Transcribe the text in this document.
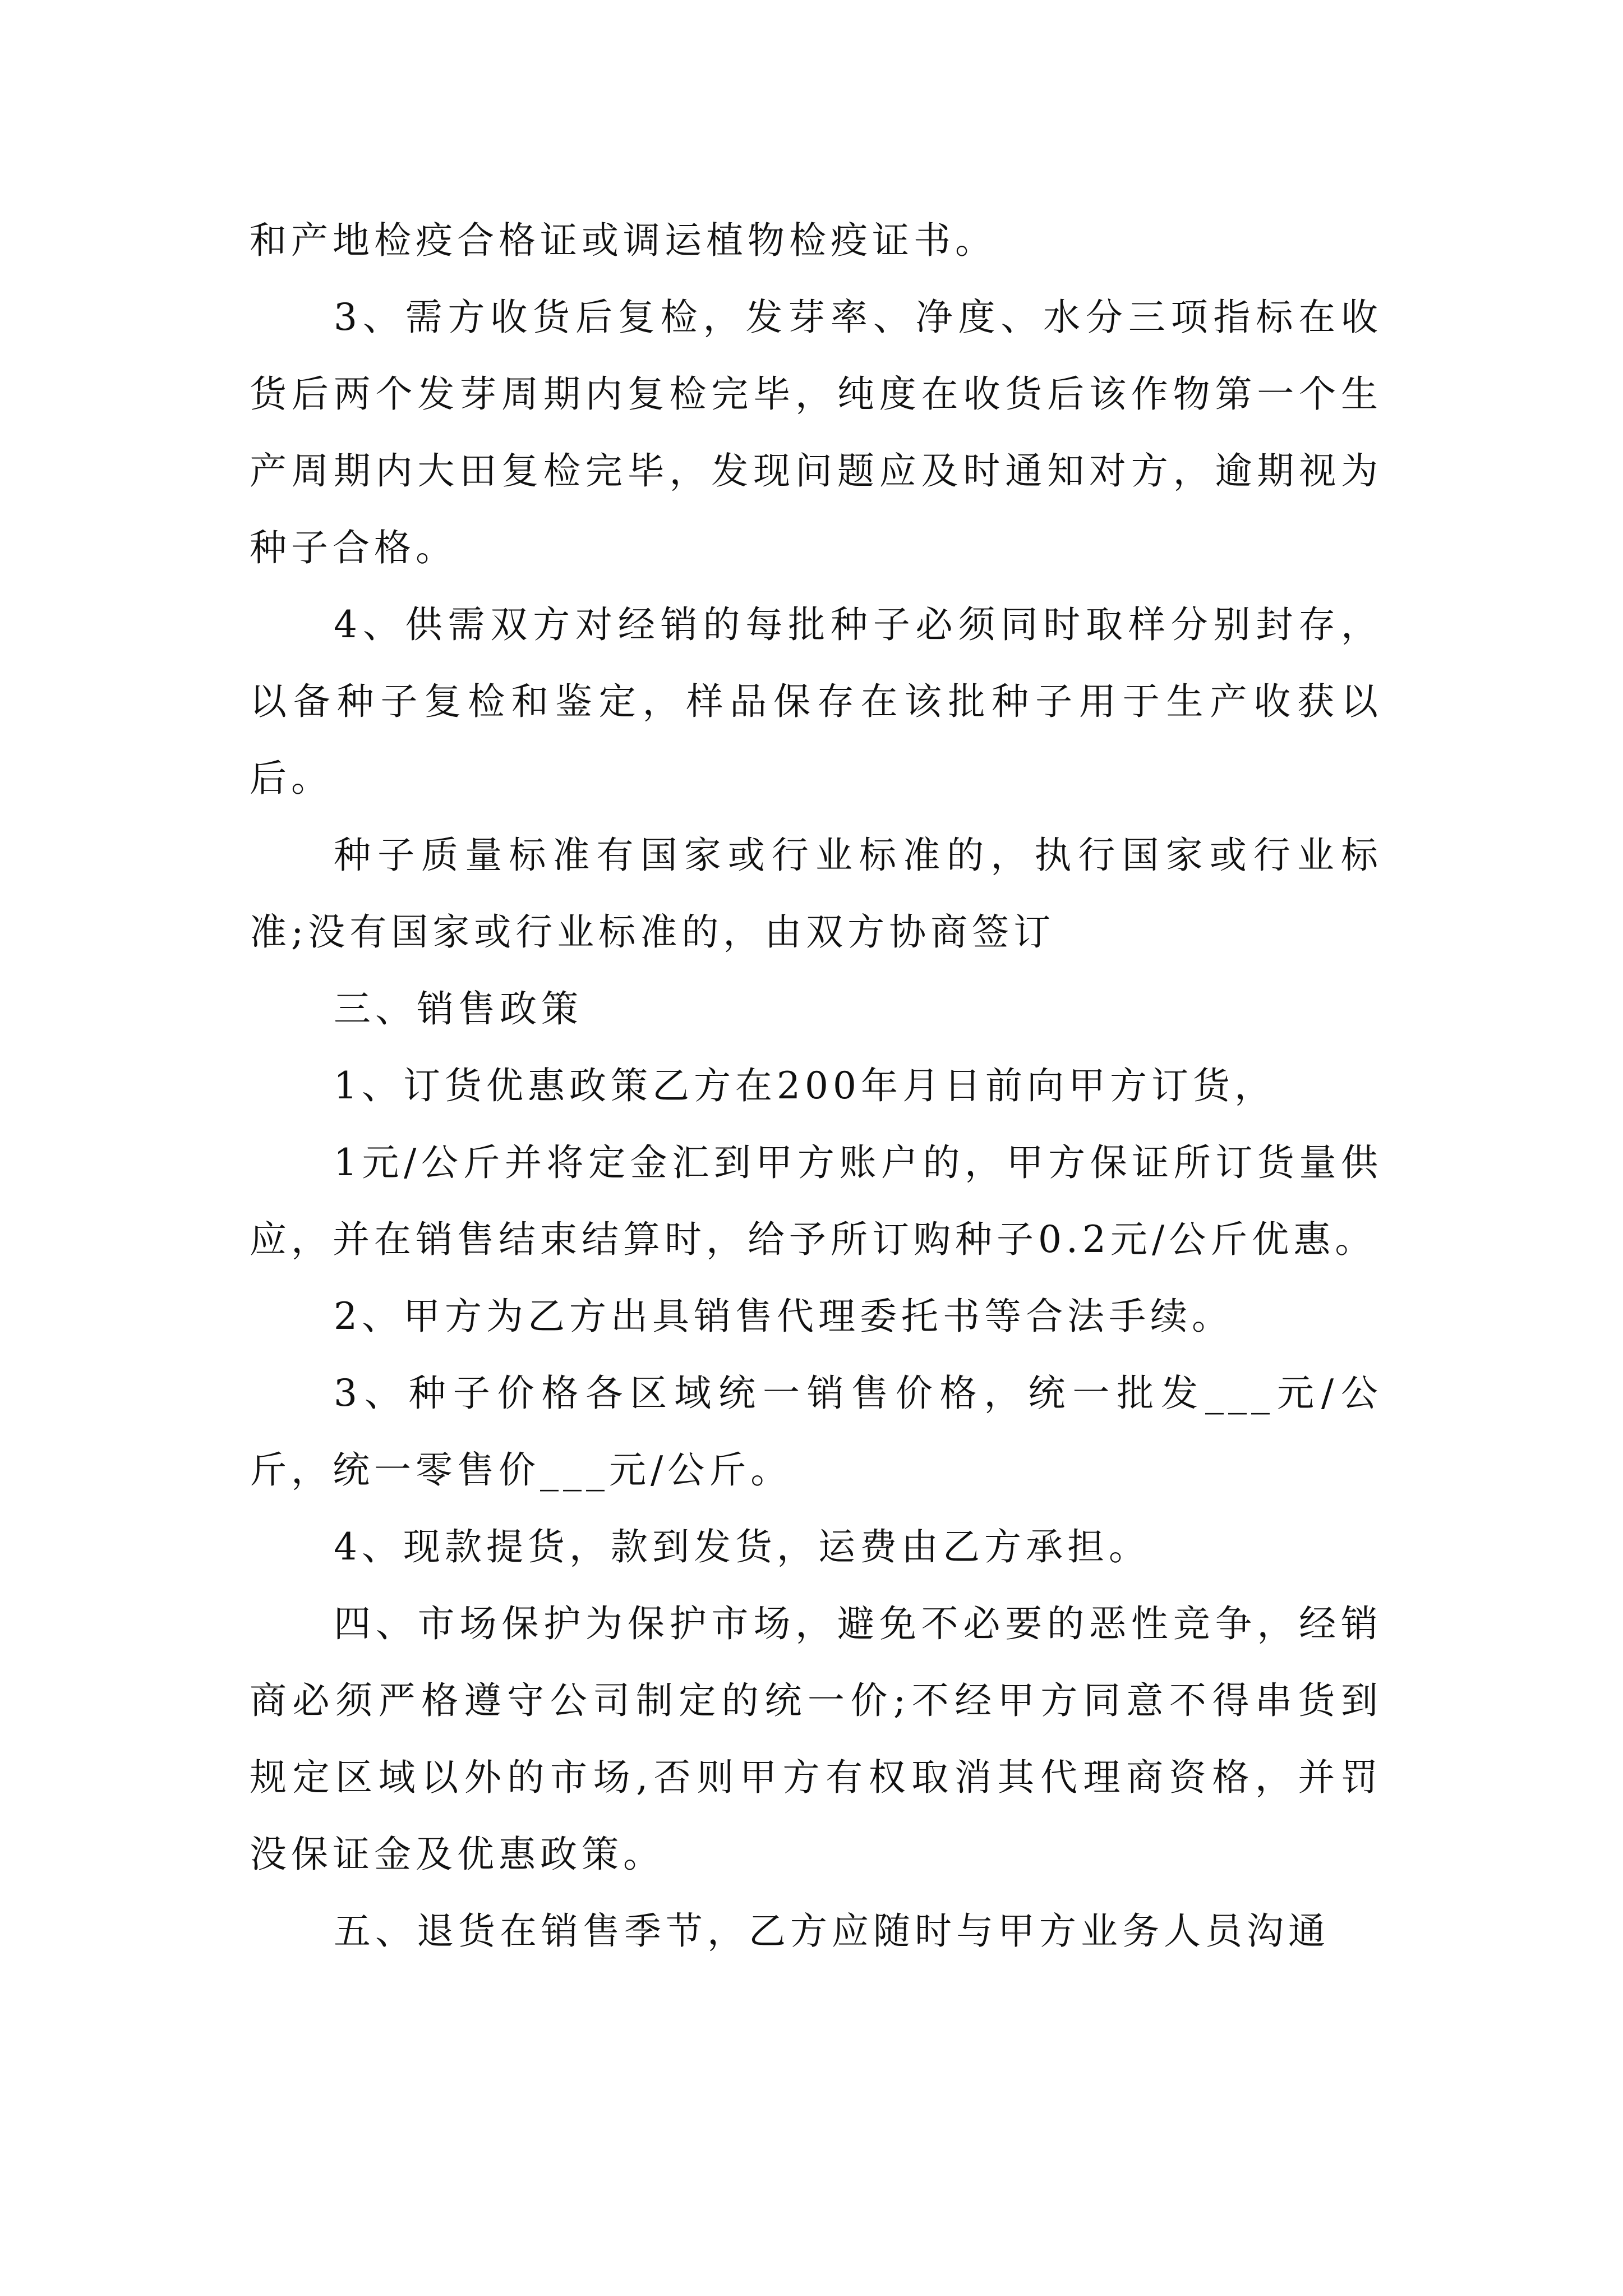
和产地检疫合格证或调运植物检疫证书。

3、需方收货后复检，发芽率、净度、水分三项指标在收货后两个发芽周期内复检完毕，纯度在收货后该作物第一个生产周期内大田复检完毕，发现问题应及时通知对方，逾期视为种子合格。

4、供需双方对经销的每批种子必须同时取样分别封存，以备种子复检和鉴定，样品保存在该批种子用于生产收获以后。

种子质量标准有国家或行业标准的，执行国家或行业标准;没有国家或行业标准的，由双方协商签订

三、销售政策

1、订货优惠政策乙方在200年月日前向甲方订货，

1元/公斤并将定金汇到甲方账户的，甲方保证所订货量供应，并在销售结束结算时，给予所订购种子0.2元/公斤优惠。

2、甲方为乙方出具销售代理委托书等合法手续。

3、种子价格各区域统一销售价格，统一批发___元/公斤，统一零售价___元/公斤。

4、现款提货，款到发货，运费由乙方承担。

四、市场保护为保护市场，避免不必要的恶性竞争，经销商必须严格遵守公司制定的统一价;不经甲方同意不得串货到规定区域以外的市场,否则甲方有权取消其代理商资格，并罚没保证金及优惠政策。

五、退货在销售季节，乙方应随时与甲方业务人员沟通
